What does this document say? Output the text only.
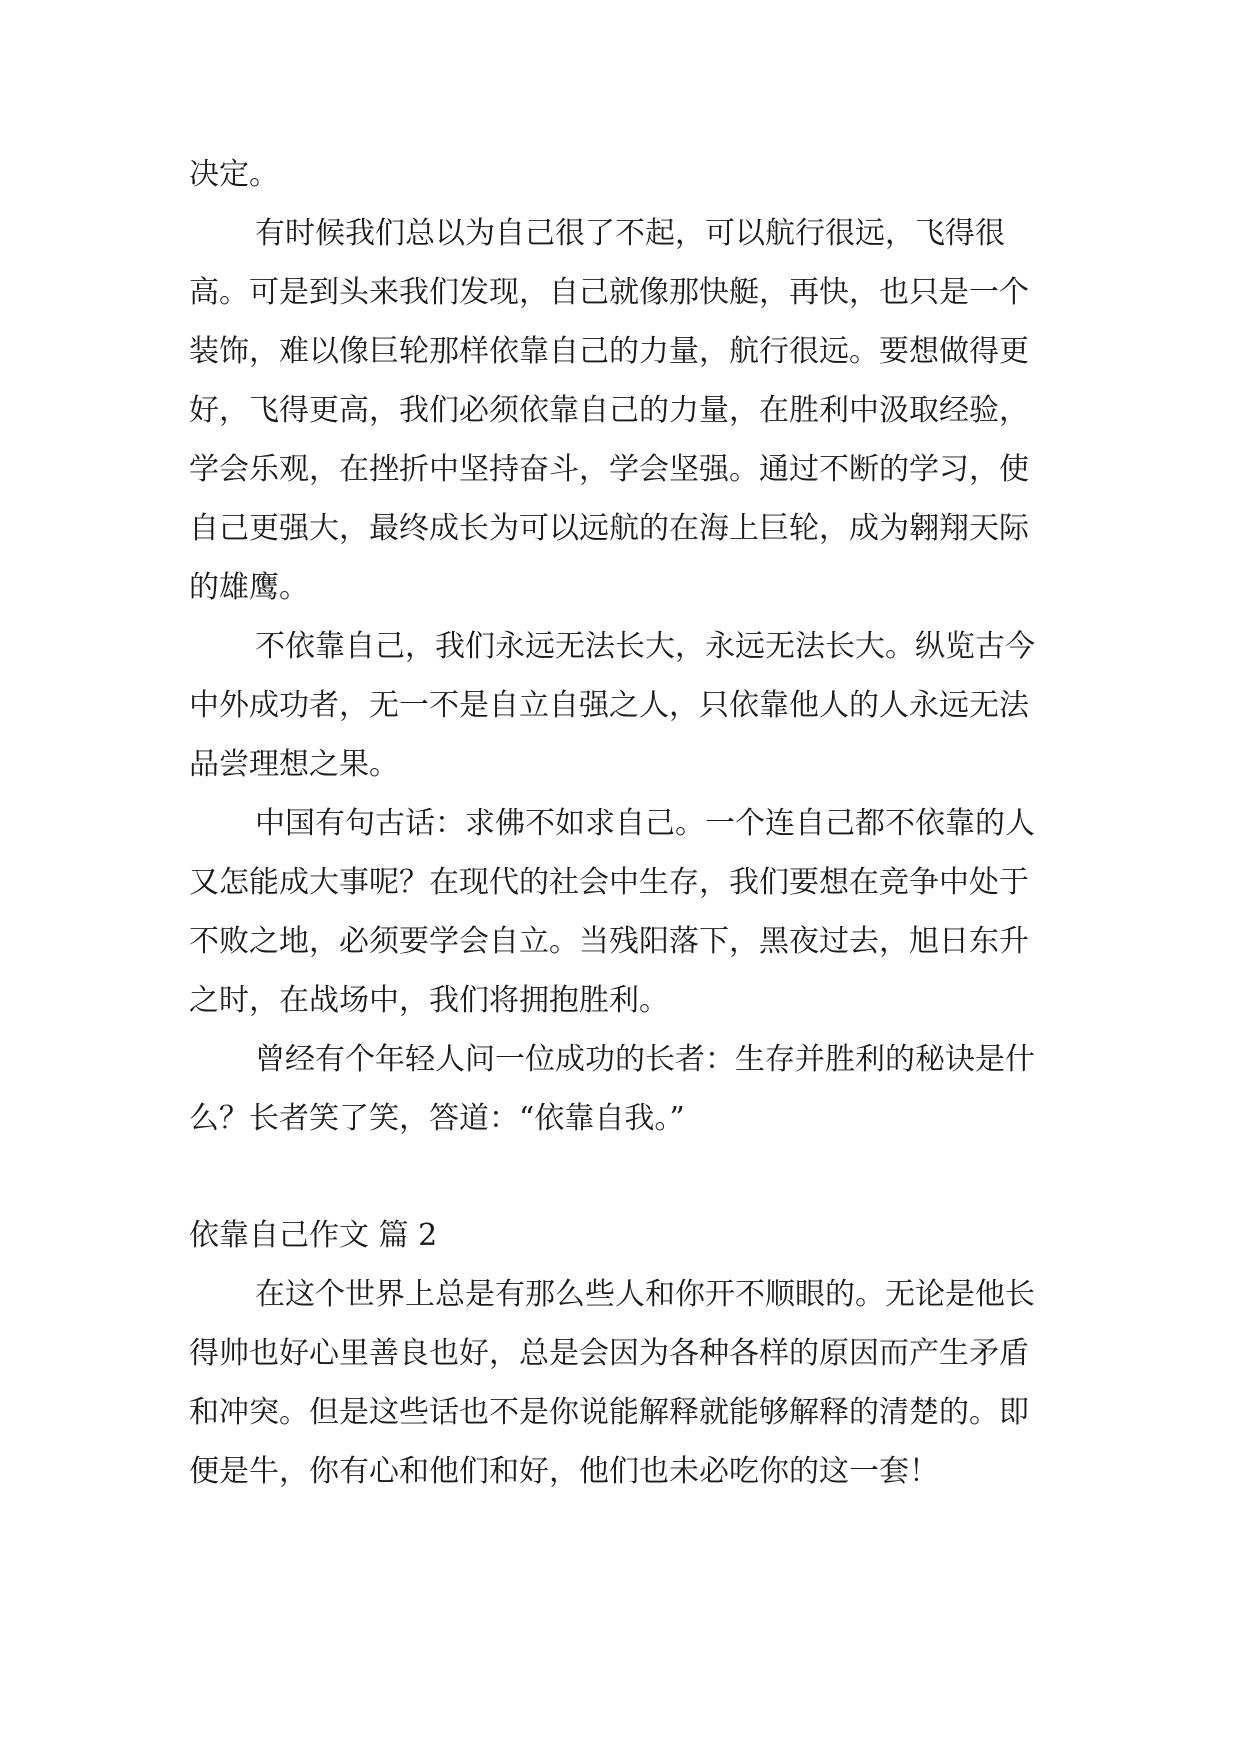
决定。

有时候我们总以为自己很了不起，可以航行很远，飞得很高。可是到头来我们发现，自己就像那快艇，再快，也只是一个装饰，难以像巨轮那样依靠自己的力量，航行很远。要想做得更好，飞得更高，我们必须依靠自己的力量，在胜利中汲取经验，学会乐观，在挫折中坚持奋斗，学会坚强。通过不断的学习，使自己更强大，最终成长为可以远航的在海上巨轮，成为翱翔天际的雄鹰。

不依靠自己，我们永远无法长大，永远无法长大。纵览古今中外成功者，无一不是自立自强之人，只依靠他人的人永远无法品尝理想之果。

中国有句古话：求佛不如求自己。一个连自己都不依靠的人又怎能成大事呢？在现代的社会中生存，我们要想在竞争中处于不败之地，必须要学会自立。当残阳落下，黑夜过去，旭日东升之时，在战场中，我们将拥抱胜利。

曾经有个年轻人问一位成功的长者：生存并胜利的秘诀是什么？长者笑了笑，答道：“依靠自我。”

依靠自己作文 篇 2

在这个世界上总是有那么些人和你开不顺眼的。无论是他长得帅也好心里善良也好，总是会因为各种各样的原因而产生矛盾和冲突。但是这些话也不是你说能解释就能够解释的清楚的。即便是牛，你有心和他们和好，他们也未必吃你的这一套！
